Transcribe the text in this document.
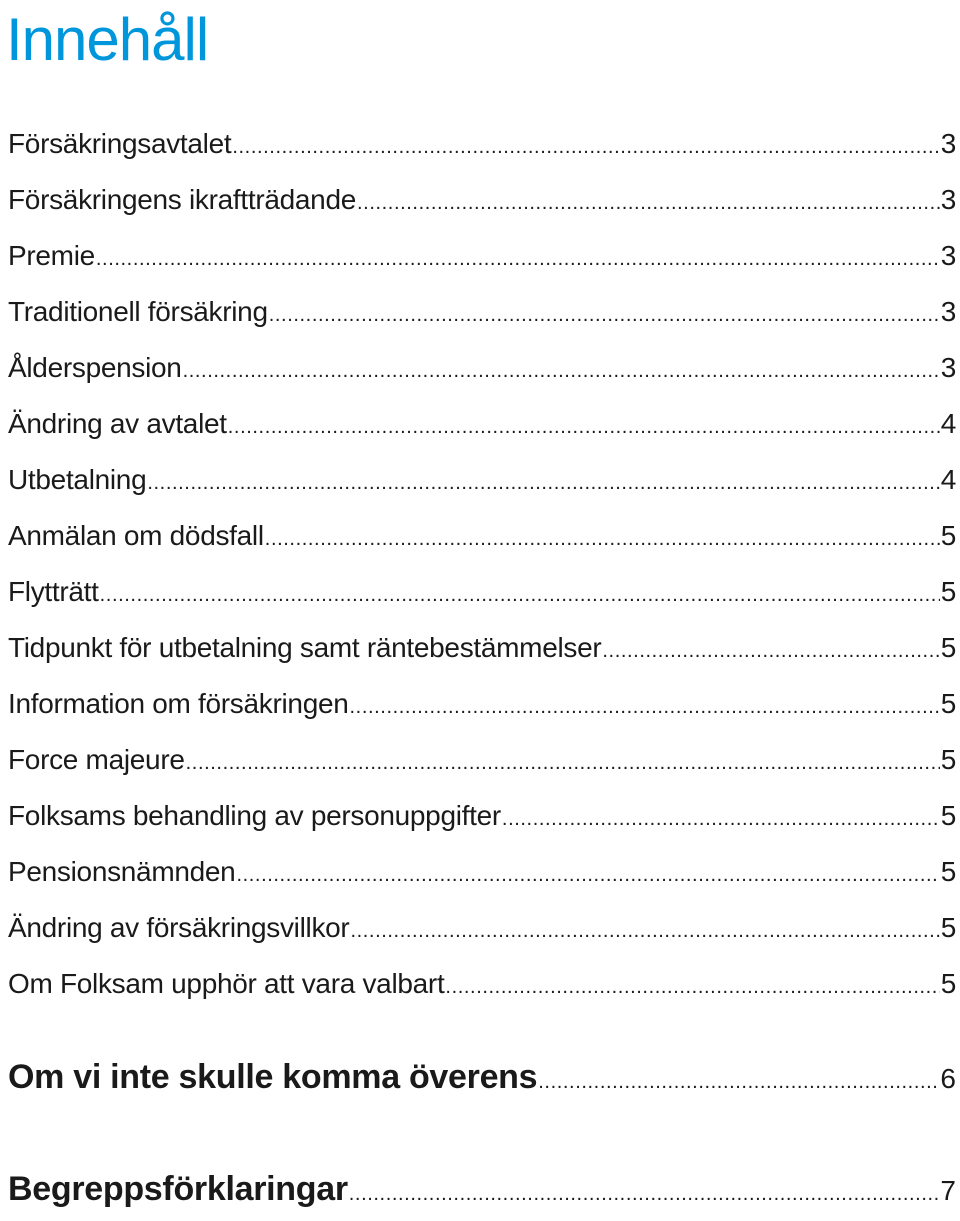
Innehåll
Försäkringsavtalet .....	3
Försäkringens ikraftträdande .....	3
Premie .....	3
Traditionell försäkring .....	3
Ålderspension .....	3
Ändring av avtalet .....	4
Utbetalning .....	4
Anmälan om dödsfall .....	5
Flytträtt .....	5
Tidpunkt för utbetalning samt räntebestämmelser .....	5
Information om försäkringen .....	5
Force majeure .....	5
Folksams behandling av personuppgifter .....	5
Pensionsnämnden .....	5
Ändring av försäkringsvillkor .....	5
Om Folksam upphör att vara valbart .....	5
Om vi inte skulle komma överens .....	6
Begreppsförklaringar .....	7
